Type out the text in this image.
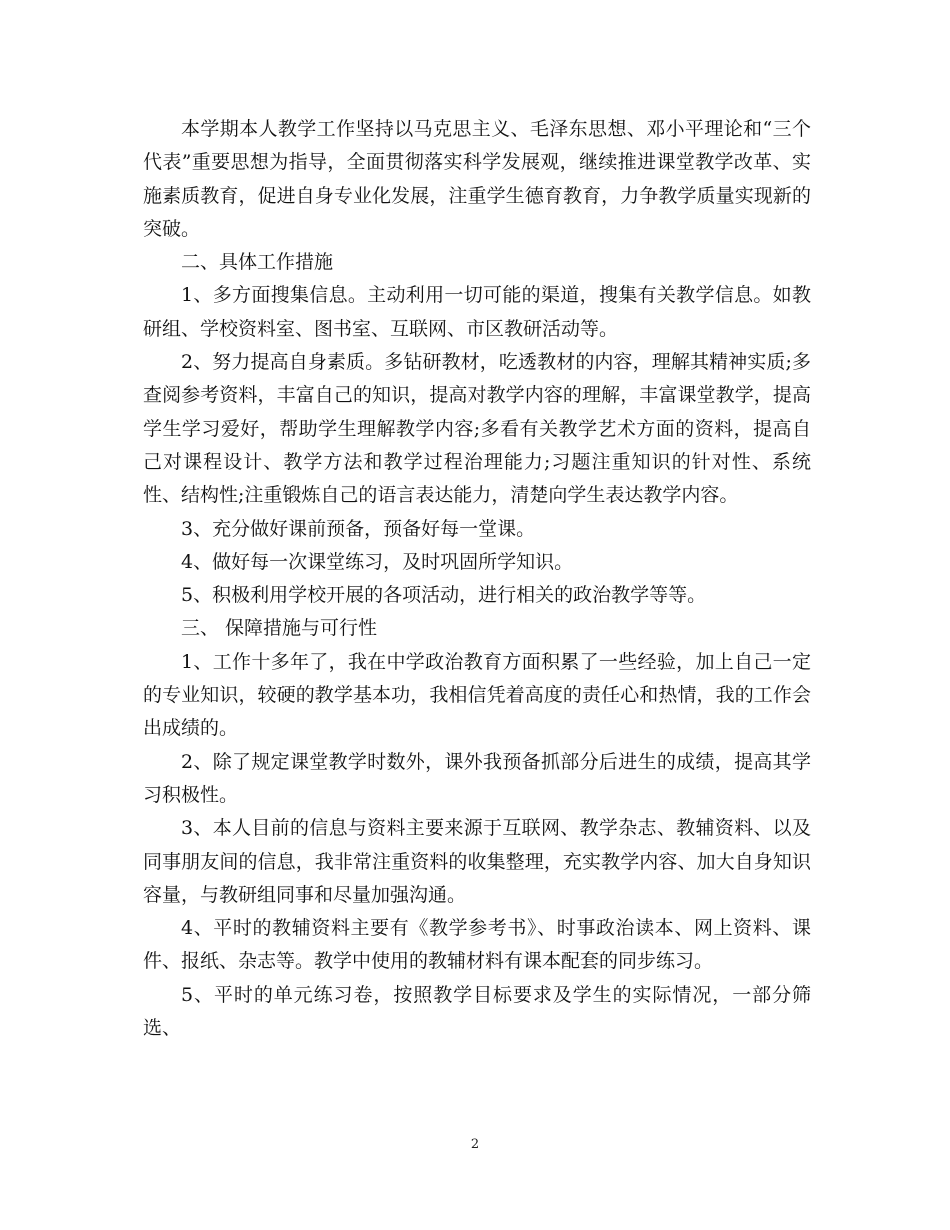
本学期本人教学工作坚持以马克思主义、毛泽东思想、邓小平理论和“三个代表”重要思想为指导，全面贯彻落实科学发展观，继续推进课堂教学改革、实施素质教育，促进自身专业化发展，注重学生德育教育，力争教学质量实现新的突破。

二、具体工作措施

1、多方面搜集信息。主动利用一切可能的渠道，搜集有关教学信息。如教研组、学校资料室、图书室、互联网、市区教研活动等。

2、努力提高自身素质。多钻研教材，吃透教材的内容，理解其精神实质;多查阅参考资料，丰富自己的知识，提高对教学内容的理解，丰富课堂教学，提高学生学习爱好，帮助学生理解教学内容;多看有关教学艺术方面的资料，提高自己对课程设计、教学方法和教学过程治理能力;习题注重知识的针对性、系统性、结构性;注重锻炼自己的语言表达能力，清楚向学生表达教学内容。

3、充分做好课前预备，预备好每一堂课。

4、做好每一次课堂练习，及时巩固所学知识。

5、积极利用学校开展的各项活动，进行相关的政治教学等等。

三、 保障措施与可行性

1、工作十多年了，我在中学政治教育方面积累了一些经验，加上自己一定的专业知识，较硬的教学基本功，我相信凭着高度的责任心和热情，我的工作会出成绩的。

2、除了规定课堂教学时数外，课外我预备抓部分后进生的成绩，提高其学习积极性。

3、本人目前的信息与资料主要来源于互联网、教学杂志、教辅资料、以及同事朋友间的信息，我非常注重资料的收集整理，充实教学内容、加大自身知识容量，与教研组同事和尽量加强沟通。

4、平时的教辅资料主要有《教学参考书》、时事政治读本、网上资料、课件、报纸、杂志等。教学中使用的教辅材料有课本配套的同步练习。

5、平时的单元练习卷，按照教学目标要求及学生的实际情况，一部分筛选、

2
